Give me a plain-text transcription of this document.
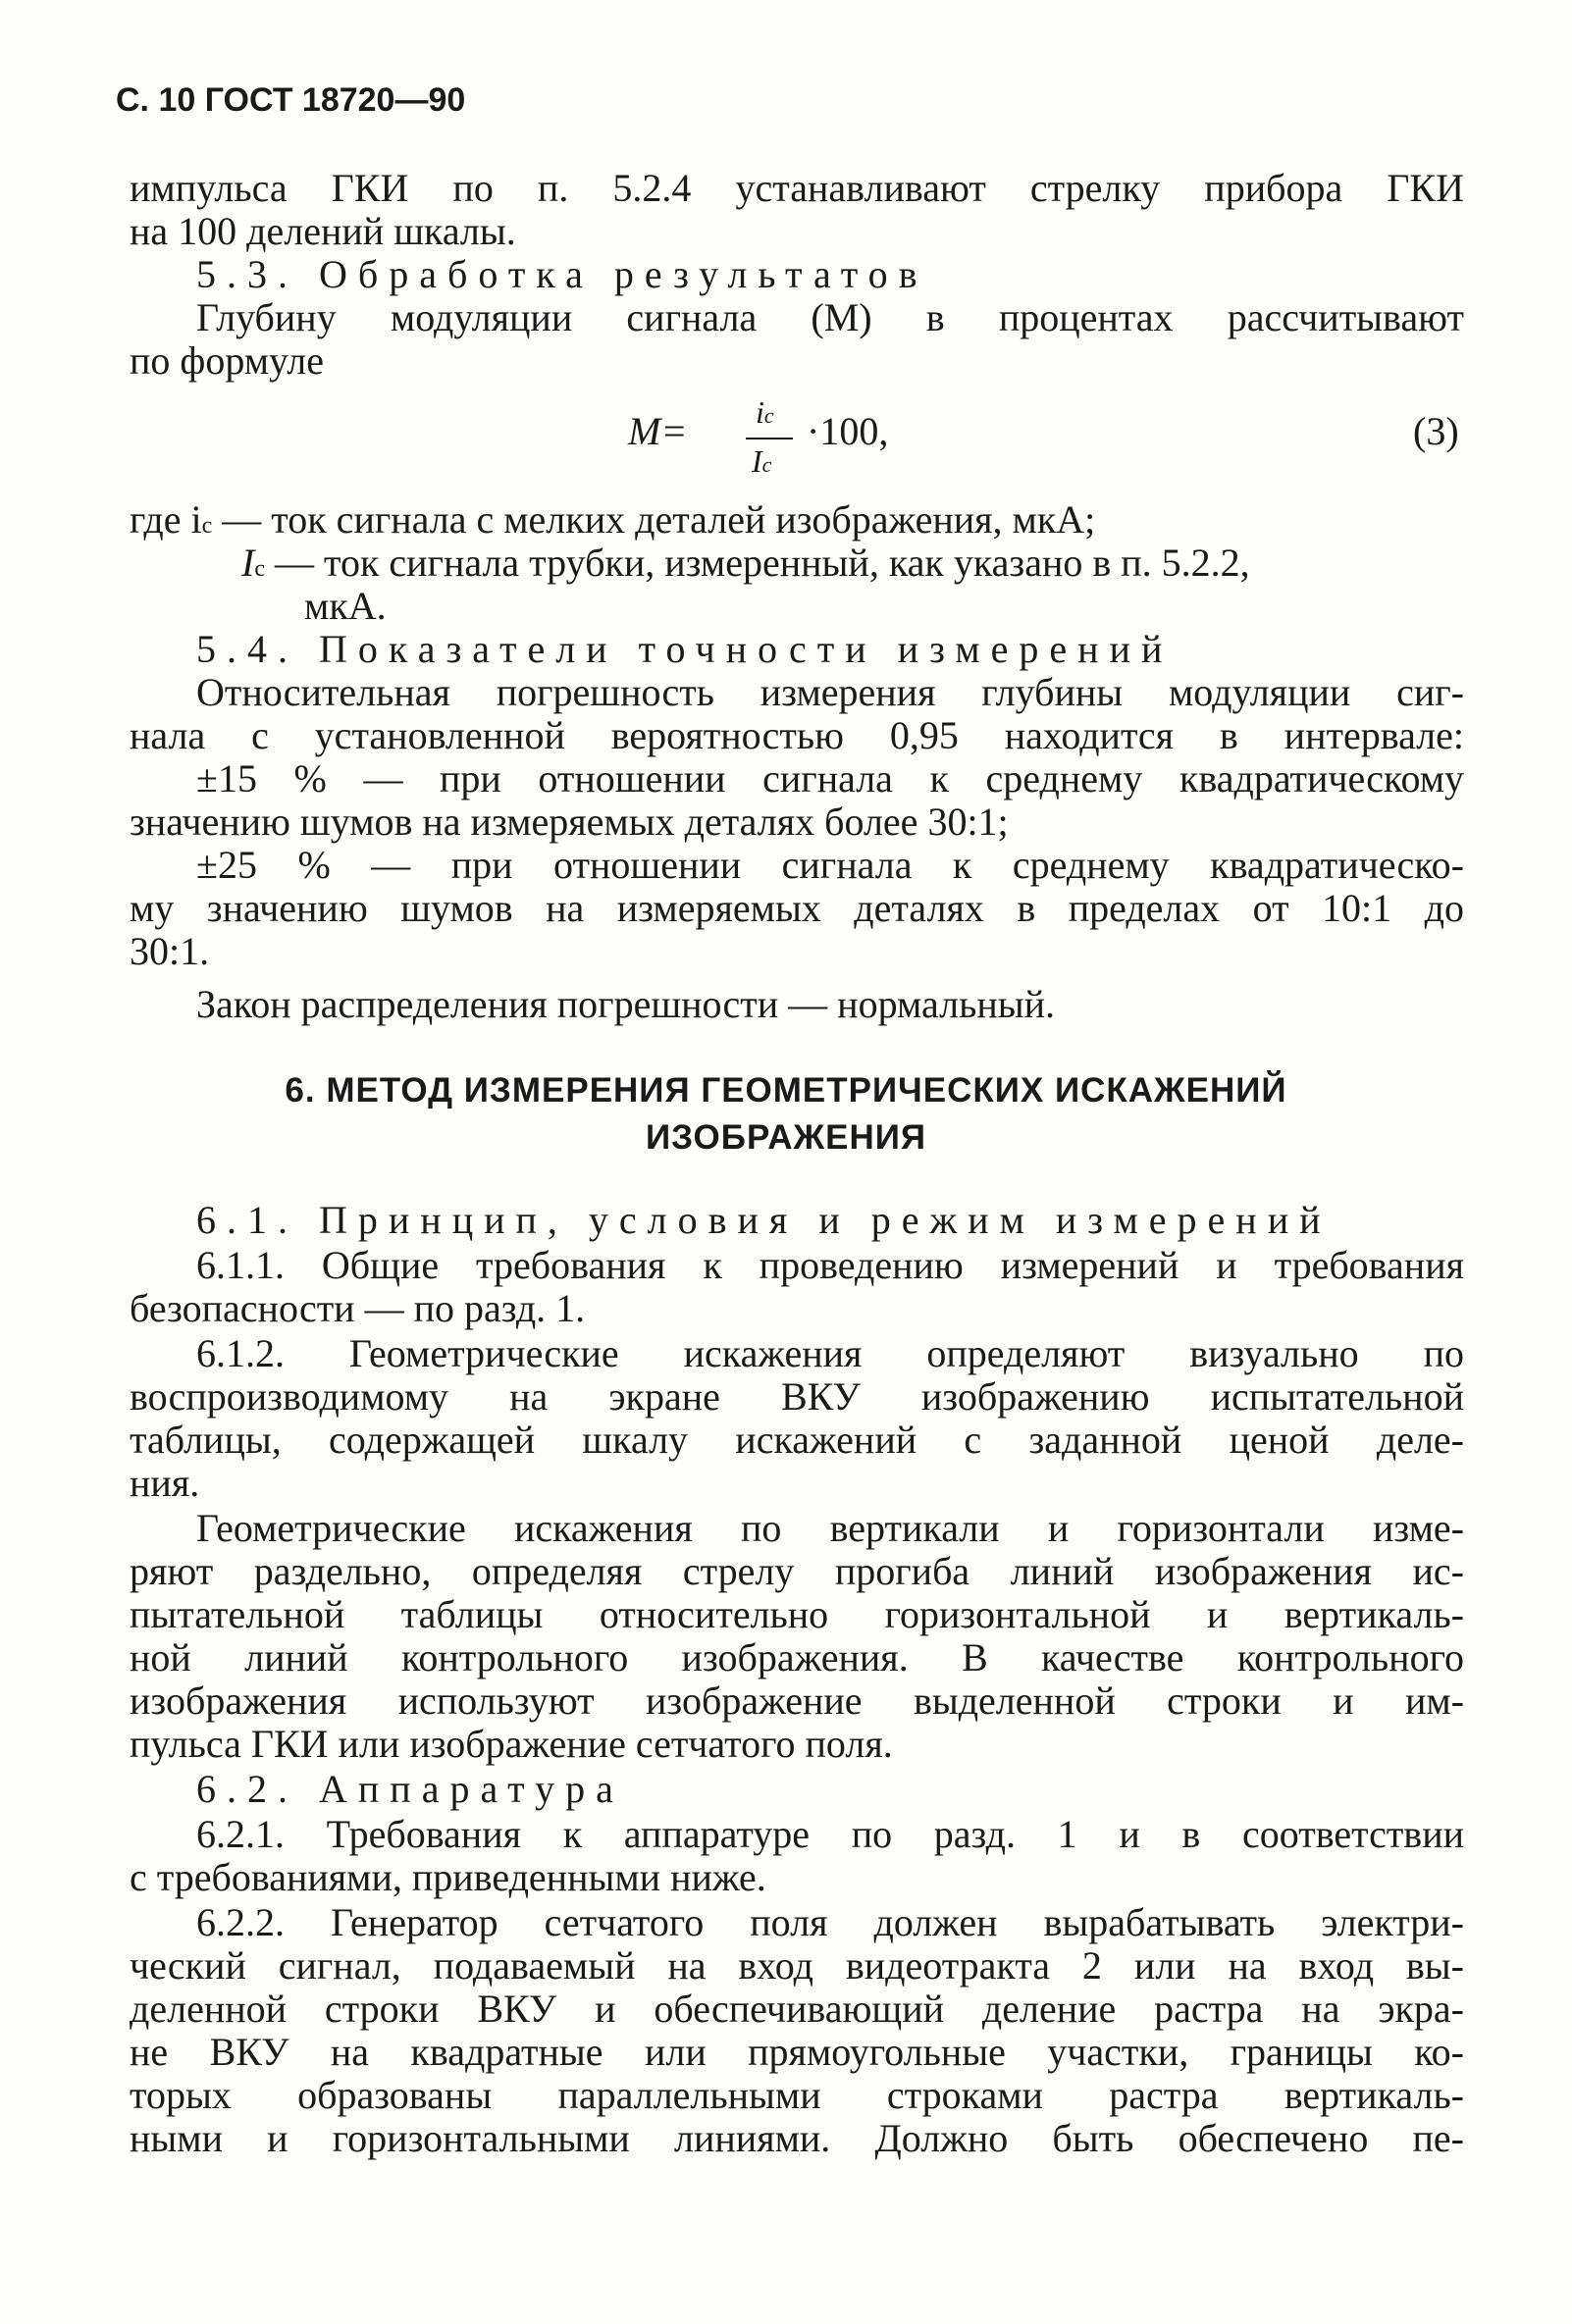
С. 10 ГОСТ 18720—90
импульса ГКИ по п. 5.2.4 устанавливают стрелку прибора ГКИ
на 100 делений шкалы.
5.3. Обработка результатов
Глубину модуляции сигнала (М) в процентах рассчитывают
по формуле
M= iс
Iс
·100,	(3)
где iс — ток сигнала с мелких деталей изображения, мкА;
Iс — ток сигнала трубки, измеренный, как указано в п. 5.2.2,
мкА.
5.4. Показатели точности измерений
Относительная погрешность измерения глубины модуляции сиг-
нала с установленной вероятностью 0,95 находится в интервале:
±15 % — при отношении сигнала к среднему квадратическому
значению шумов на измеряемых деталях более 30:1;
±25 % — при отношении сигнала к среднему квадратическо-
му значению шумов на измеряемых деталях в пределах от 10:1 до
30:1.
Закон распределения погрешности — нормальный.
6. МЕТОД ИЗМЕРЕНИЯ ГЕОМЕТРИЧЕСКИХ ИСКАЖЕНИЙ
ИЗОБРАЖЕНИЯ
6.1. Принцип, условия и режим измерений
6.1.1. Общие требования к проведению измерений и требования
безопасности — по разд. 1.
6.1.2. Геометрические искажения определяют визуально по
воспроизводимому на экране ВКУ изображению испытательной
таблицы, содержащей шкалу искажений с заданной ценой деле-
ния.
Геометрические искажения по вертикали и горизонтали изме-
ряют раздельно, определяя стрелу прогиба линий изображения ис-
пытательной таблицы относительно горизонтальной и вертикаль-
ной линий контрольного изображения. В качестве контрольного
изображения используют изображение выделенной строки и им-
пульса ГКИ или изображение сетчатого поля.
6.2. Аппаратура
6.2.1. Требования к аппаратуре по разд. 1 и в соответствии
с требованиями, приведенными ниже.
6.2.2. Генератор сетчатого поля должен вырабатывать электри-
ческий сигнал, подаваемый на вход видеотракта 2 или на вход вы-
деленной строки ВКУ и обеспечивающий деление растра на экра-
не ВКУ на квадратные или прямоугольные участки, границы ко-
торых образованы параллельными строками растра вертикаль-
ными и горизонтальными линиями. Должно быть обеспечено пе-
